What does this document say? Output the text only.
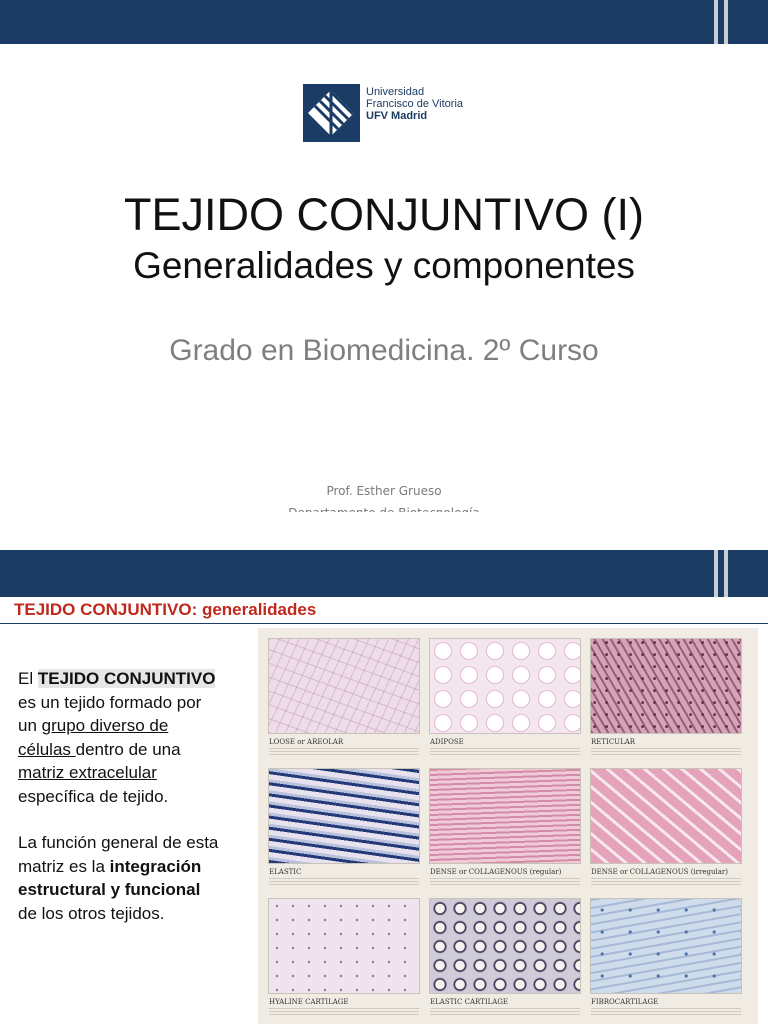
Universidad
Francisco de Vitoria
UFV Madrid
TEJIDO CONJUNTIVO (I)
Generalidades y componentes
Grado en Biomedicina. 2º Curso
Prof. Esther Grueso
TEJIDO CONJUNTIVO: generalidades

El TEJIDO CONJUNTIVO
es un tejido formado por
un grupo diverso de
células dentro de una
matriz extracelular
específica de tejido.

La función general de esta
matriz es la integración
estructural y funcional
de los otros tejidos.

LOOSE or AREOLAR	ADIPOSE	RETICULAR
ELASTIC	DENSE or COLLAGENOUS (regular)	DENSE or COLLAGENOUS (irregular)
HYALINE CARTILAGE	ELASTIC CARTILAGE	FIBROCARTILAGE
